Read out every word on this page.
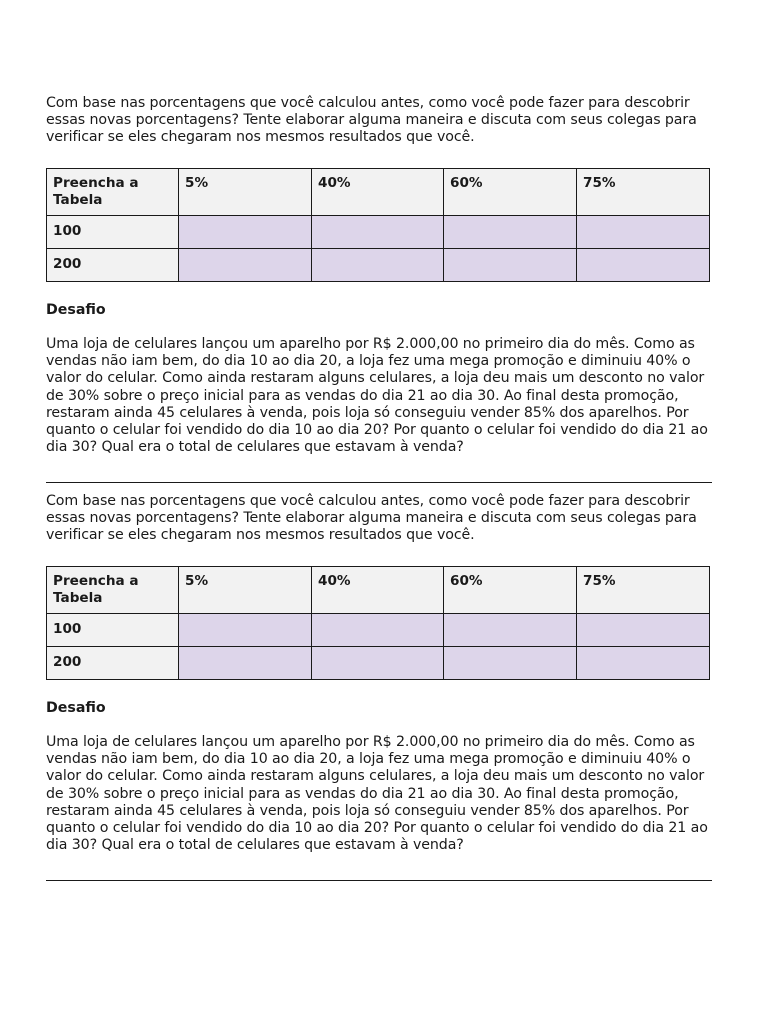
Com base nas porcentagens que você calculou antes, como você pode fazer para descobrir essas novas porcentagens? Tente elaborar alguma maneira e discuta com seus colegas para verificar se eles chegaram nos mesmos resultados que você.

Preencha a Tabela	5%	40%	60%	75%
100				
200				

Desafio

Uma loja de celulares lançou um aparelho por R$ 2.000,00 no primeiro dia do mês. Como as vendas não iam bem, do dia 10 ao dia 20, a loja fez uma mega promoção e diminuiu 40% o valor do celular. Como ainda restaram alguns celulares, a loja deu mais um desconto no valor de 30% sobre o preço inicial para as vendas do dia 21 ao dia 30. Ao final desta promoção, restaram ainda 45 celulares à venda, pois loja só conseguiu vender 85% dos aparelhos. Por quanto o celular foi vendido do dia 10 ao dia 20? Por quanto o celular foi vendido do dia 21 ao dia 30? Qual era o total de celulares que estavam à venda?

Com base nas porcentagens que você calculou antes, como você pode fazer para descobrir essas novas porcentagens? Tente elaborar alguma maneira e discuta com seus colegas para verificar se eles chegaram nos mesmos resultados que você.

Preencha a Tabela	5%	40%	60%	75%
100				
200				

Desafio

Uma loja de celulares lançou um aparelho por R$ 2.000,00 no primeiro dia do mês. Como as vendas não iam bem, do dia 10 ao dia 20, a loja fez uma mega promoção e diminuiu 40% o valor do celular. Como ainda restaram alguns celulares, a loja deu mais um desconto no valor de 30% sobre o preço inicial para as vendas do dia 21 ao dia 30. Ao final desta promoção, restaram ainda 45 celulares à venda, pois loja só conseguiu vender 85% dos aparelhos. Por quanto o celular foi vendido do dia 10 ao dia 20? Por quanto o celular foi vendido do dia 21 ao dia 30? Qual era o total de celulares que estavam à venda?
